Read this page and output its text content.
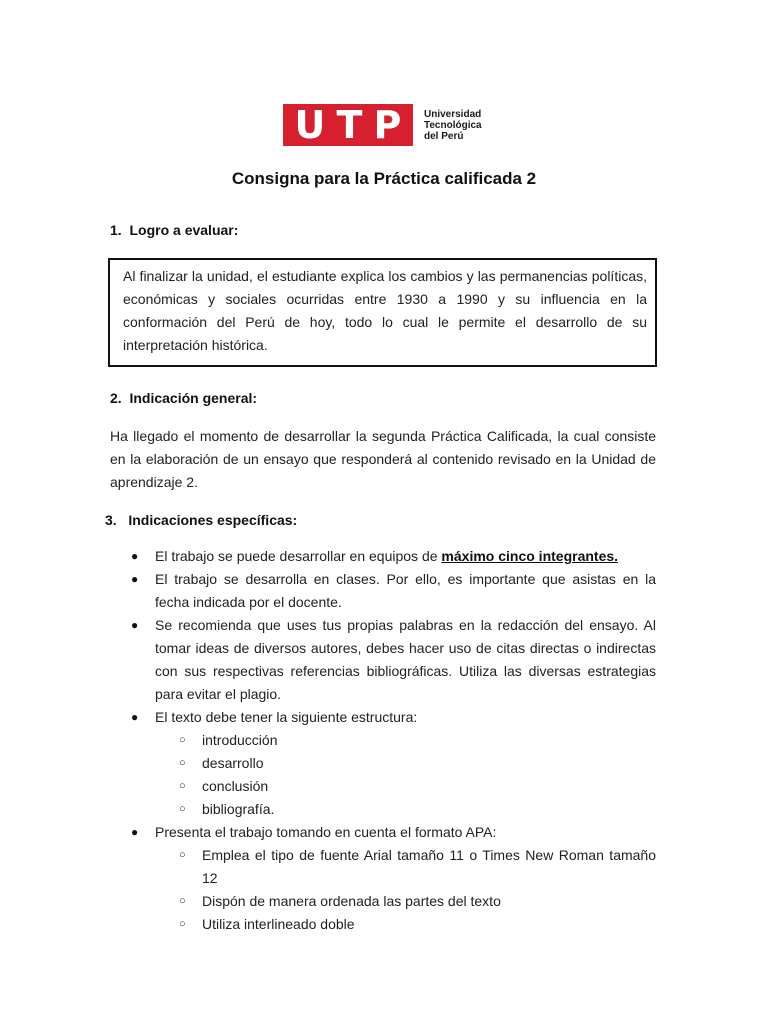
U T P Universidad
Tecnológica
del Perú
Consigna para la Práctica calificada 2
1. Logro a evaluar:
Al finalizar la unidad, el estudiante explica los cambios y las permanencias políticas, económicas y sociales ocurridas entre 1930 a 1990 y su influencia en la conformación del Perú de hoy, todo lo cual le permite el desarrollo de su interpretación histórica.
2. Indicación general:

Ha llegado el momento de desarrollar la segunda Práctica Calificada, la cual consiste en la elaboración de un ensayo que responderá al contenido revisado en la Unidad de aprendizaje 2.

3. Indicaciones específicas:
● El trabajo se puede desarrollar en equipos de máximo cinco integrantes.
● El trabajo se desarrolla en clases. Por ello, es importante que asistas en la fecha indicada por el docente.
● Se recomienda que uses tus propias palabras en la redacción del ensayo. Al tomar ideas de diversos autores, debes hacer uso de citas directas o indirectas con sus respectivas referencias bibliográficas. Utiliza las diversas estrategias para evitar el plagio.
● El texto debe tener la siguiente estructura:
○ introducción
○ desarrollo
○ conclusión
○ bibliografía.
● Presenta el trabajo tomando en cuenta el formato APA:
○ Emplea el tipo de fuente Arial tamaño 11 o Times New Roman tamaño 12
○ Dispón de manera ordenada las partes del texto
○ Utiliza interlineado doble
